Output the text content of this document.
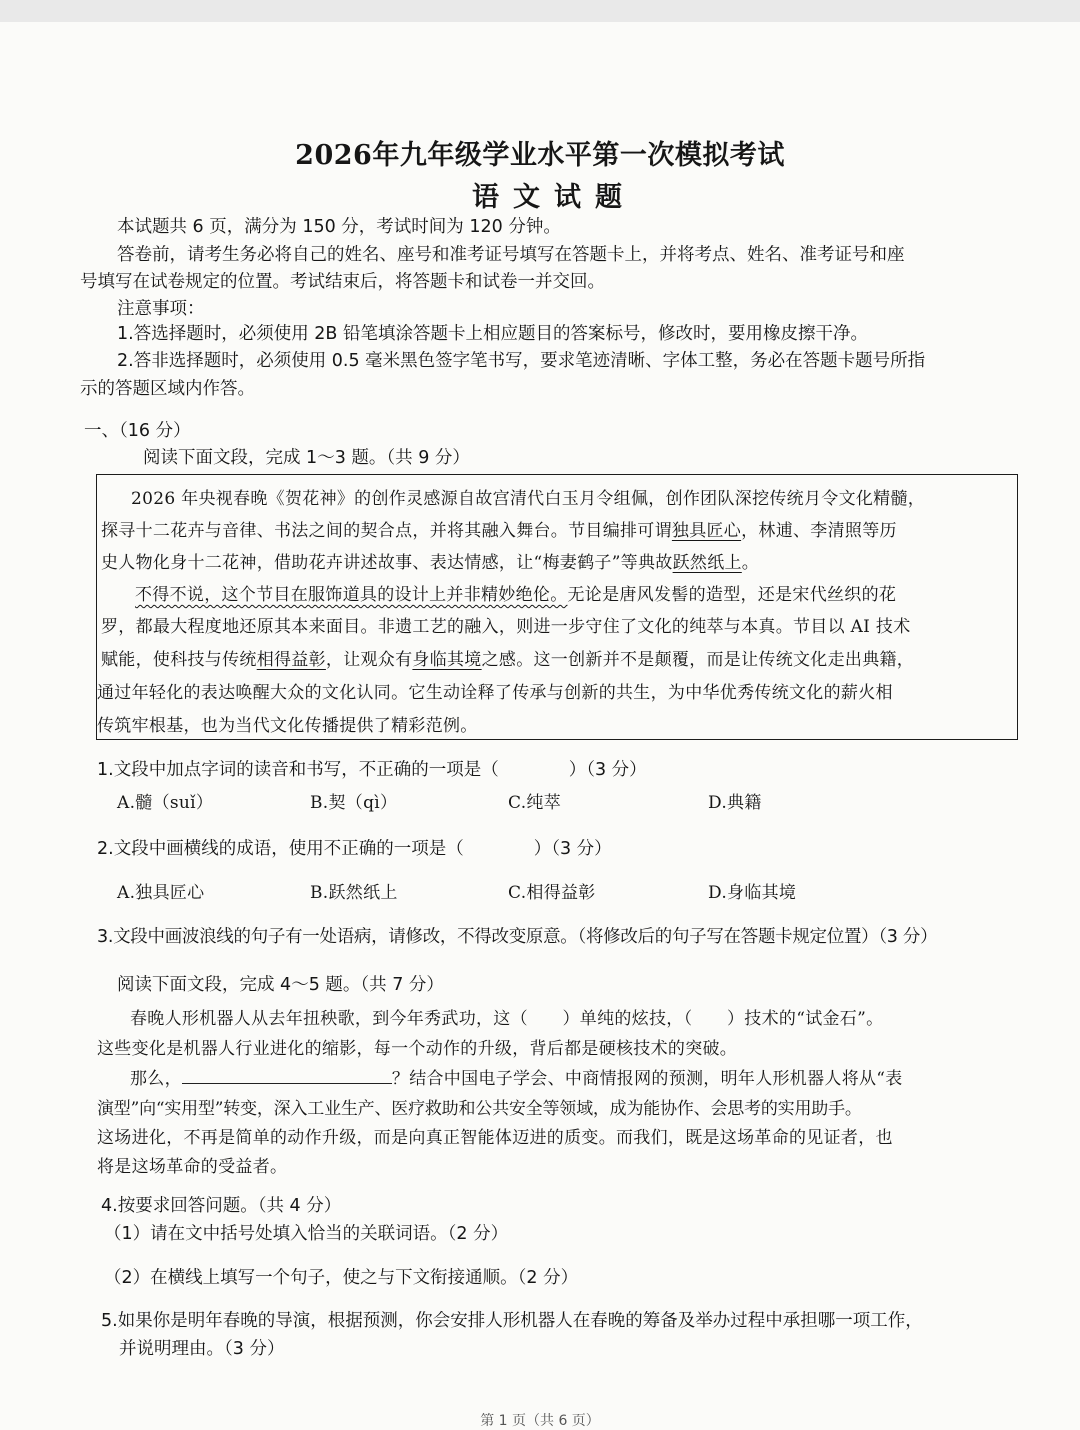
2026年九年级学业水平第一次模拟考试
语文试题
本试题共 6 页，满分为 150 分，考试时间为 120 分钟。
答卷前，请考生务必将自己的姓名、座号和准考证号填写在答题卡上，并将考点、姓名、准考证号和座
号填写在试卷规定的位置。考试结束后，将答题卡和试卷一并交回。
注意事项：
1.答选择题时，必须使用 2B 铅笔填涂答题卡上相应题目的答案标号，修改时，要用橡皮擦干净。
2.答非选择题时，必须使用 0.5 毫米黑色签字笔书写，要求笔迹清晰、字体工整，务必在答题卡题号所指
示的答题区域内作答。
一、（16 分）
阅读下面文段，完成 1～3 题。（共 9 分）
2026 年央视春晚《贺花神》的创作灵感源自故宫清代白玉月令组佩，创作团队深挖传统月令文化精髓，
探寻十二花卉与音律、书法之间的契合点，并将其融入舞台。节目编排可谓独具匠心，林逋、李清照等历
史人物化身十二花神，借助花卉讲述故事、表达情感，让“梅妻鹤子”等典故跃然纸上。
不得不说，这个节目在服饰道具的设计上并非精妙绝伦。无论是唐风发髻的造型，还是宋代丝织的花
罗，都最大程度地还原其本来面目。非遗工艺的融入，则进一步守住了文化的纯萃与本真。节目以 AI 技术
赋能，使科技与传统相得益彰，让观众有身临其境之感。这一创新并不是颠覆，而是让传统文化走出典籍，
通过年轻化的表达唤醒大众的文化认同。它生动诠释了传承与创新的共生，为中华优秀传统文化的薪火相
传筑牢根基，也为当代文化传播提供了精彩范例。
1.文段中加点字词的读音和书写，不正确的一项是（　　　　）（3 分）
A.髓（suǐ）	B.契（qì）	C.纯萃	D.典籍
2.文段中画横线的成语，使用不正确的一项是（　　　　）（3 分）
A.独具匠心	B.跃然纸上	C.相得益彰	D.身临其境
3.文段中画波浪线的句子有一处语病，请修改，不得改变原意。（将修改后的句子写在答题卡规定位置）（3 分）
阅读下面文段，完成 4～5 题。（共 7 分）
春晚人形机器人从去年扭秧歌，到今年秀武功，这（　　）单纯的炫技，（　　）技术的“试金石”。
这些变化是机器人行业进化的缩影，每一个动作的升级，背后都是硬核技术的突破。
那么，	？结合中国电子学会、中商情报网的预测，明年人形机器人将从“表
演型”向“实用型”转变，深入工业生产、医疗救助和公共安全等领域，成为能协作、会思考的实用助手。
这场进化，不再是简单的动作升级，而是向真正智能体迈进的质变。而我们，既是这场革命的见证者，也
将是这场革命的受益者。
4.按要求回答问题。（共 4 分）
（1）请在文中括号处填入恰当的关联词语。（2 分）
（2）在横线上填写一个句子，使之与下文衔接通顺。（2 分）
5.如果你是明年春晚的导演，根据预测，你会安排人形机器人在春晚的筹备及举办过程中承担哪一项工作，
并说明理由。（3 分）
第 1 页（共 6 页）
